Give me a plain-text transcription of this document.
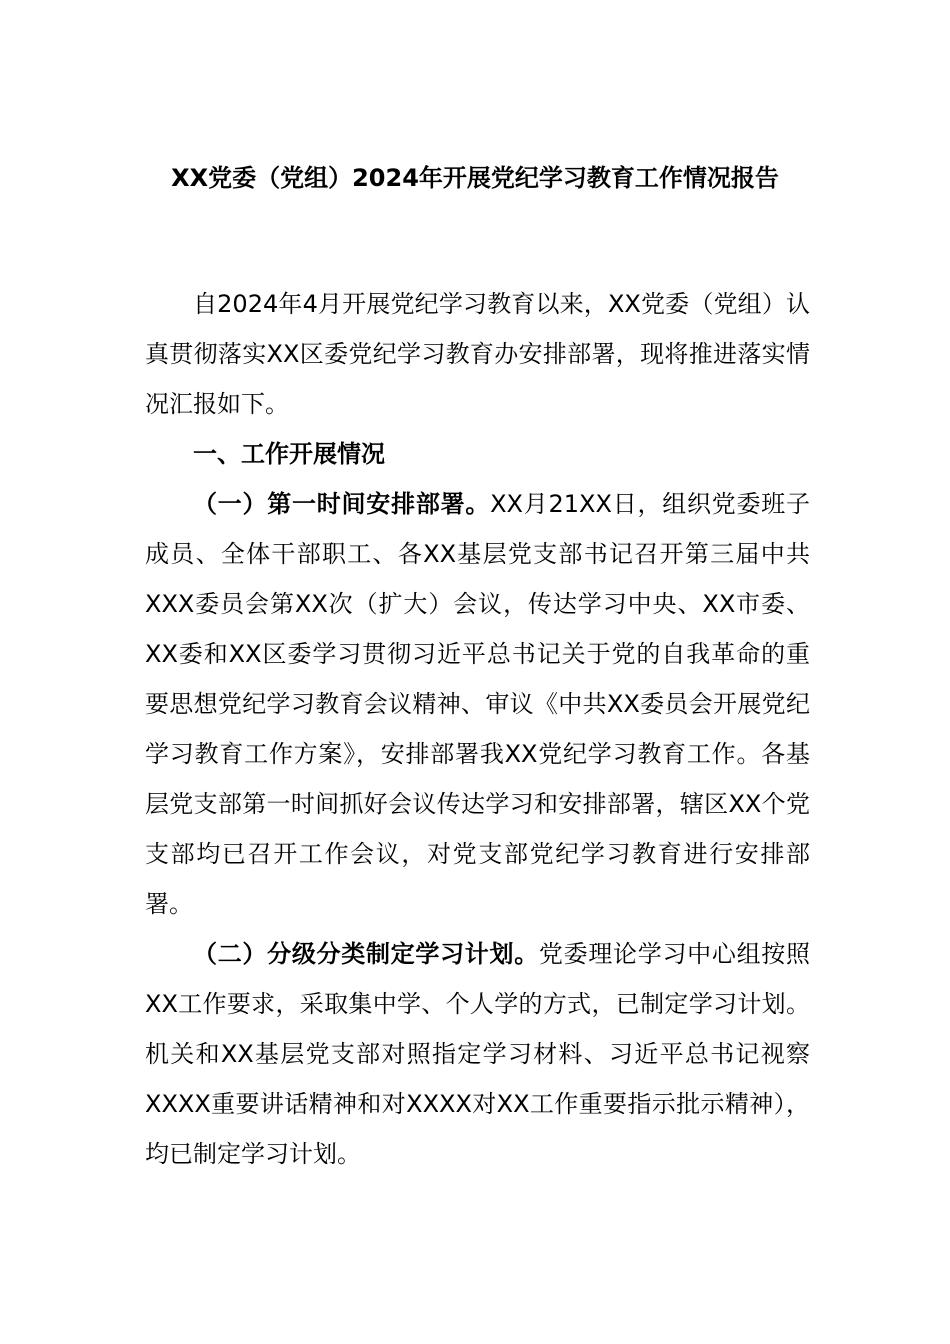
XX党委（党组）2024年开展党纪学习教育工作情况报告

自2024年4月开展党纪学习教育以来，XX党委（党组）认真贯彻落实XX区委党纪学习教育办安排部署，现将推进落实情况汇报如下。

一、工作开展情况

（一）第一时间安排部署。XX月21XX日，组织党委班子成员、全体干部职工、各XX基层党支部书记召开第三届中共XXX委员会第XX次（扩大）会议，传达学习中央、XX市委、XX委和XX区委学习贯彻习近平总书记关于党的自我革命的重要思想党纪学习教育会议精神、审议《中共XX委员会开展党纪学习教育工作方案》，安排部署我XX党纪学习教育工作。各基层党支部第一时间抓好会议传达学习和安排部署，辖区XX个党支部均已召开工作会议，对党支部党纪学习教育进行安排部署。

（二）分级分类制定学习计划。党委理论学习中心组按照XX工作要求，采取集中学、个人学的方式，已制定学习计划。机关和XX基层党支部对照指定学习材料、习近平总书记视察XXXX重要讲话精神和对XXXX对XX工作重要指示批示精神），均已制定学习计划。
